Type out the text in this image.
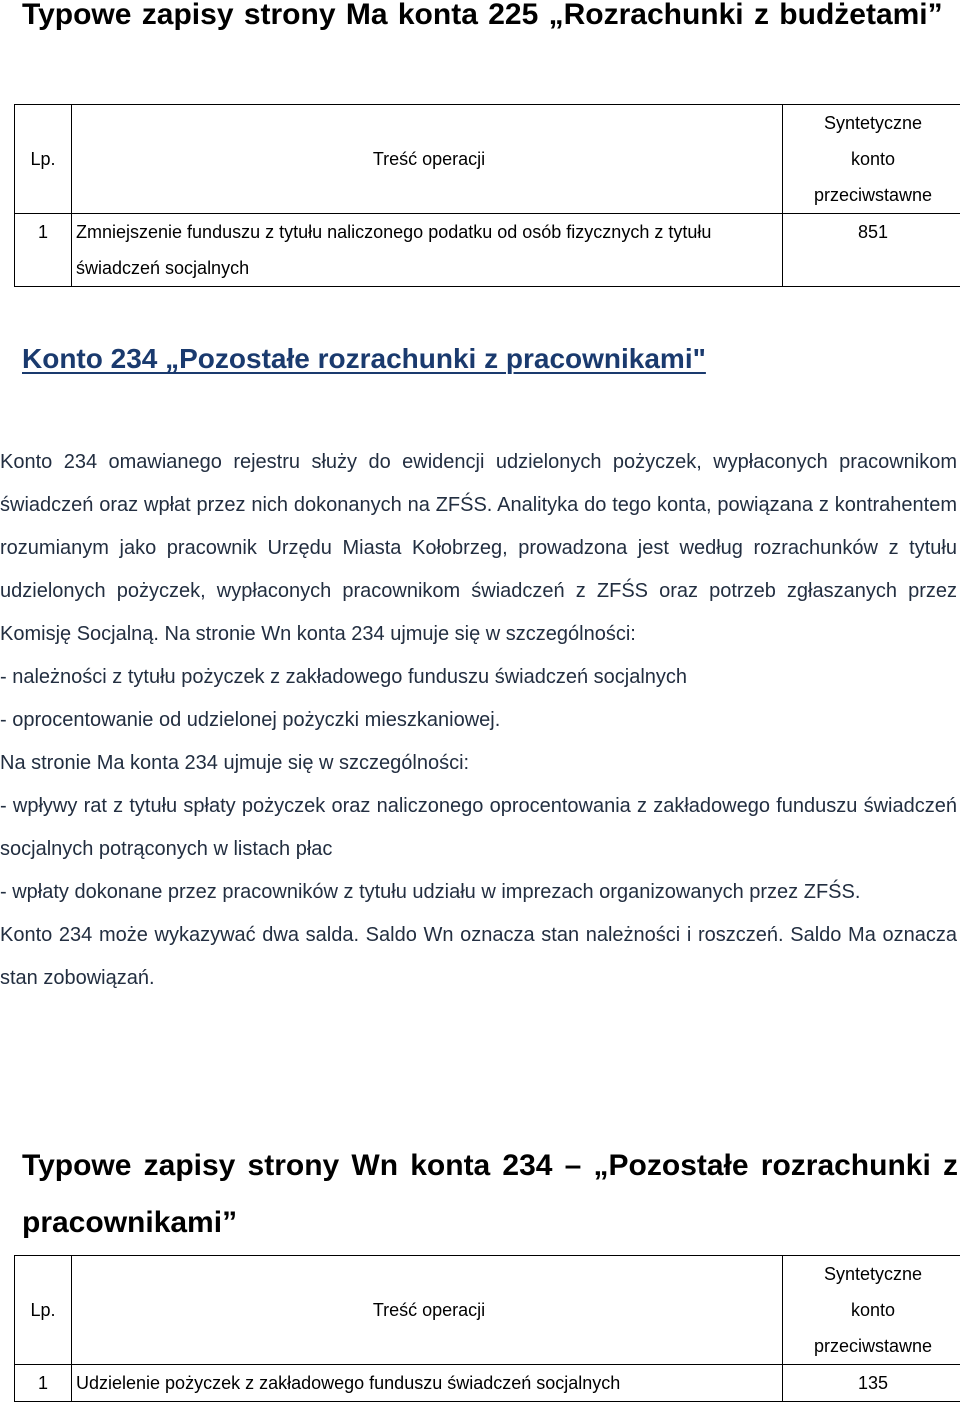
Typowe zapisy strony Ma konta 225 „Rozrachunki z budżetami”
Lp.	Treść operacji	Syntetyczne
konto
przeciwstawne

1	Zmniejszenie funduszu z tytułu naliczonego podatku od osób fizycznych z tytułu świadczeń socjalnych	851
Konto 234 „Pozostałe rozrachunki z pracownikami"

Konto 234 omawianego rejestru służy do ewidencji udzielonych pożyczek, wypłaconych pracownikom świadczeń oraz wpłat przez nich dokonanych na ZFŚS. Analityka do tego konta, powiązana z kontrahentem rozumianym jako pracownik Urzędu Miasta Kołobrzeg, prowadzona jest według rozrachunków z tytułu udzielonych pożyczek, wypłaconych pracownikom świadczeń z ZFŚS oraz potrzeb zgłaszanych przez Komisję Socjalną. Na stronie Wn konta 234 ujmuje się w szczególności:

- należności z tytułu pożyczek z zakładowego funduszu świadczeń socjalnych

- oprocentowanie od udzielonej pożyczki mieszkaniowej.

Na stronie Ma konta 234 ujmuje się w szczególności:

- wpływy rat z tytułu spłaty pożyczek oraz naliczonego oprocentowania z zakładowego funduszu świadczeń socjalnych potrąconych w listach płac

- wpłaty dokonane przez pracowników z tytułu udziału w imprezach organizowanych przez ZFŚS.

Konto 234 może wykazywać dwa salda. Saldo Wn oznacza stan należności i roszczeń. Saldo Ma oznacza stan zobowiązań.

Typowe zapisy strony Wn konta 234 – „Pozostałe rozrachunki z pracownikami”
Lp.	Treść operacji	Syntetyczne
konto
przeciwstawne

1	Udzielenie pożyczek z zakładowego funduszu świadczeń socjalnych	135
